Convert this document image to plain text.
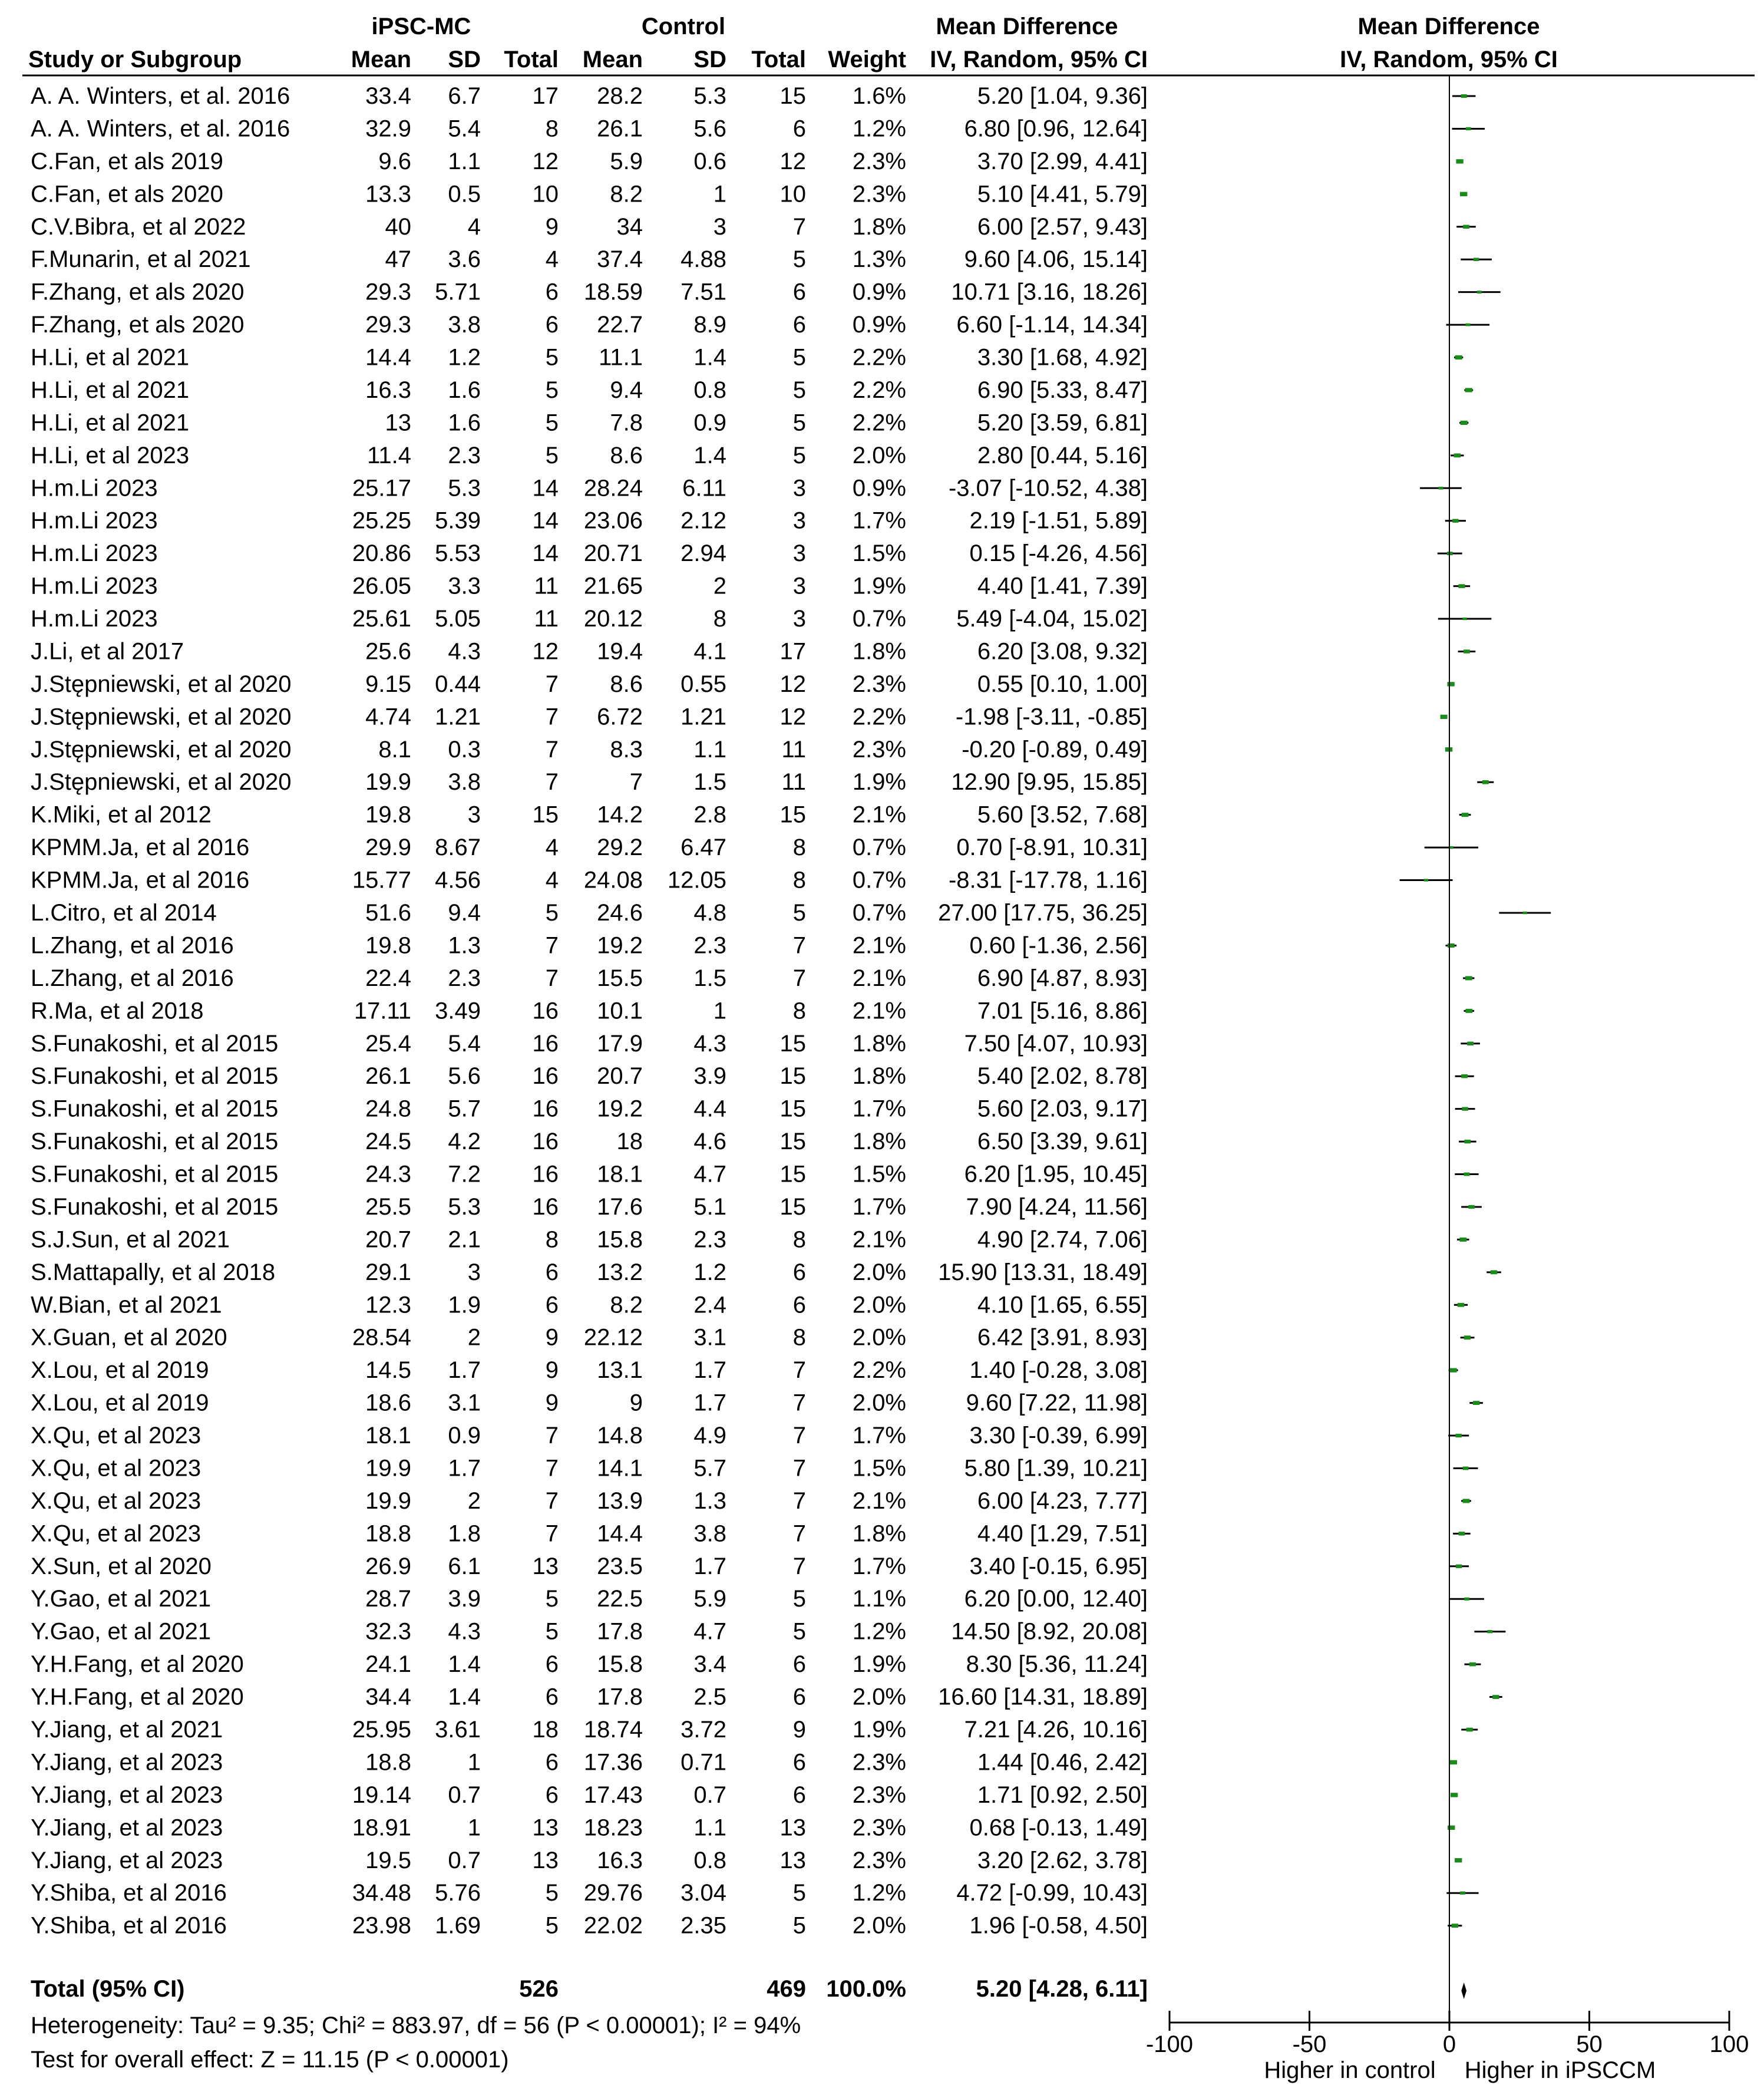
iPSC-MC	Control	Mean Difference	Mean Difference
Study or Subgroup	Mean SD Total Mean SD Total Weight IV, Random, 95% CI	IV, Random, 95% CI
A. A. Winters, et al. 2016	33.4 6.7 17 28.2 5.3 15 1.6%	5.20 [1.04, 9.36]
A. A. Winters, et al. 2016	32.9 5.4	8 26.1 5.6	6 1.2% 6.80 [0.96, 12.64]
C.Fan, et als 2019	9.6 1.1 12 5.9 0.6 12 2.3%	3.70 [2.99, 4.41]
C.Fan, et als 2020	13.3 0.5 10 8.2	1 10 2.3%	5.10 [4.41, 5.79]
C.V.Bibra, et al 2022	40 4	9 34	3	7 1.8%	6.00 [2.57, 9.43]
F.Munarin, et al 2021	47 3.6	4 37.4 4.88	5 1.3% 9.60 [4.06, 15.14]
F.Zhang, et als 2020	29.3 5.71	6 18.59 7.51	6 0.9% 10.71 [3.16, 18.26]
F.Zhang, et als 2020	29.3 3.8	6 22.7 8.9	6 0.9% 6.60 [-1.14, 14.34]
H.Li, et al 2021	14.4 1.2	5 11.1 1.4	5 2.2%	3.30 [1.68, 4.92]
H.Li, et al 2021	16.3 1.6	5 9.4 0.8	5 2.2%	6.90 [5.33, 8.47]
H.Li, et al 2021	13 1.6	5 7.8 0.9	5 2.2%	5.20 [3.59, 6.81]
H.Li, et al 2023	11.4 2.3	5 8.6 1.4	5 2.0%	2.80 [0.44, 5.16]
H.m.Li 2023	25.17 5.3 14 28.24 6.11	3 0.9% -3.07 [-10.52, 4.38]
H.m.Li 2023	25.25 5.39 14 23.06 2.12	3 1.7%	2.19 [-1.51, 5.89]
H.m.Li 2023	20.86 5.53 14 20.71 2.94	3 1.5%	0.15 [-4.26, 4.56]
H.m.Li 2023	26.05 3.3 11 21.65	2	3 1.9%	4.40 [1.41, 7.39]
H.m.Li 2023	25.61 5.05 11 20.12	8	3 0.7% 5.49 [-4.04, 15.02]
J.Li, et al 2017	25.6 4.3 12 19.4 4.1 17 1.8%	6.20 [3.08, 9.32]
J.Stępniewski, et al 2020	9.15 0.44	7 8.6 0.55 12 2.3%	0.55 [0.10, 1.00]
J.Stępniewski, et al 2020	4.74 1.21	7 6.72 1.21 12 2.2% -1.98 [-3.11, -0.85]
J.Stępniewski, et al 2020	8.1 0.3	7 8.3 1.1 11 2.3% -0.20 [-0.89, 0.49]
J.Stępniewski, et al 2020	19.9 3.8	7	7 1.5 11 1.9% 12.90 [9.95, 15.85]
K.Miki, et al 2012	19.8 3 15 14.2 2.8 15 2.1%	5.60 [3.52, 7.68]
KPMM.Ja, et al 2016	29.9 8.67	4 29.2 6.47	8 0.7% 0.70 [-8.91, 10.31]
KPMM.Ja, et al 2016	15.77 4.56	4 24.08 12.05	8 0.7% -8.31 [-17.78, 1.16]
L.Citro, et al 2014	51.6 9.4	5 24.6 4.8	5 0.7% 27.00 [17.75, 36.25]
L.Zhang, et al 2016	19.8 1.3	7 19.2 2.3	7 2.1%	0.60 [-1.36, 2.56]
L.Zhang, et al 2016	22.4 2.3	7 15.5 1.5	7 2.1%	6.90 [4.87, 8.93]
R.Ma, et al 2018	17.11 3.49 16 10.1	1	8 2.1%	7.01 [5.16, 8.86]
S.Funakoshi, et al 2015	25.4 5.4 16 17.9 4.3 15 1.8% 7.50 [4.07, 10.93]
S.Funakoshi, et al 2015	26.1 5.6 16 20.7 3.9 15 1.8%	5.40 [2.02, 8.78]
S.Funakoshi, et al 2015	24.8 5.7 16 19.2 4.4 15 1.7%	5.60 [2.03, 9.17]
S.Funakoshi, et al 2015	24.5 4.2 16 18 4.6 15 1.8%	6.50 [3.39, 9.61]
S.Funakoshi, et al 2015	24.3 7.2 16 18.1 4.7 15 1.5% 6.20 [1.95, 10.45]
S.Funakoshi, et al 2015	25.5 5.3 16 17.6 5.1 15 1.7%	7.90 [4.24, 11.56]
S.J.Sun, et al 2021	20.7 2.1	8 15.8 2.3	8 2.1%	4.90 [2.74, 7.06]
S.Mattapally, et al 2018	29.1 3	6 13.2 1.2	6 2.0% 15.90 [13.31, 18.49]
W.Bian, et al 2021	12.3 1.9	6 8.2 2.4	6 2.0%	4.10 [1.65, 6.55]
X.Guan, et al 2020	28.54 2	9 22.12 3.1	8 2.0%	6.42 [3.91, 8.93]
X.Lou, et al 2019	14.5 1.7	9 13.1 1.7	7 2.2%	1.40 [-0.28, 3.08]
X.Lou, et al 2019	18.6 3.1	9	9 1.7	7 2.0%	9.60 [7.22, 11.98]
X.Qu, et al 2023	18.1 0.9	7 14.8 4.9	7 1.7%	3.30 [-0.39, 6.99]
X.Qu, et al 2023	19.9 1.7	7 14.1 5.7	7 1.5% 5.80 [1.39, 10.21]
X.Qu, et al 2023	19.9 2	7 13.9 1.3	7 2.1%	6.00 [4.23, 7.77]
X.Qu, et al 2023	18.8 1.8	7 14.4 3.8	7 1.8%	4.40 [1.29, 7.51]
X.Sun, et al 2020	26.9 6.1 13 23.5 1.7	7 1.7%	3.40 [-0.15, 6.95]
Y.Gao, et al 2021	28.7 3.9	5 22.5 5.9	5 1.1% 6.20 [0.00, 12.40]
Y.Gao, et al 2021	32.3 4.3	5 17.8 4.7	5 1.2% 14.50 [8.92, 20.08]
Y.H.Fang, et al 2020	24.1 1.4	6 15.8 3.4	6 1.9%	8.30 [5.36, 11.24]
Y.H.Fang, et al 2020	34.4 1.4	6 17.8 2.5	6 2.0% 16.60 [14.31, 18.89]
Y.Jiang, et al 2021	25.95 3.61 18 18.74 3.72	9 1.9% 7.21 [4.26, 10.16]
Y.Jiang, et al 2023	18.8 1	6 17.36 0.71	6 2.3%	1.44 [0.46, 2.42]
Y.Jiang, et al 2023	19.14 0.7	6 17.43 0.7	6 2.3%	1.71 [0.92, 2.50]
Y.Jiang, et al 2023	18.91 1 13 18.23 1.1 13 2.3%	0.68 [-0.13, 1.49]
Y.Jiang, et al 2023	19.5 0.7 13 16.3 0.8 13 2.3%	3.20 [2.62, 3.78]
Y.Shiba, et al 2016	34.48 5.76	5 29.76 3.04	5 1.2% 4.72 [-0.99, 10.43]
Y.Shiba, et al 2016	23.98 1.69	5 22.02 2.35	5 2.0%	1.96 [-0.58, 4.50]
Total (95% CI)	526	469 100.0%	5.20 [4.28, 6.11]
Heterogeneity: Tau² = 9.35; Chi² = 883.97, df = 56 (P < 0.00001); I² = 94%
Test for overall effect: Z = 11.15 (P < 0.00001)
-100	-50	0	50	100
Higher in control Higher in iPSCCM
